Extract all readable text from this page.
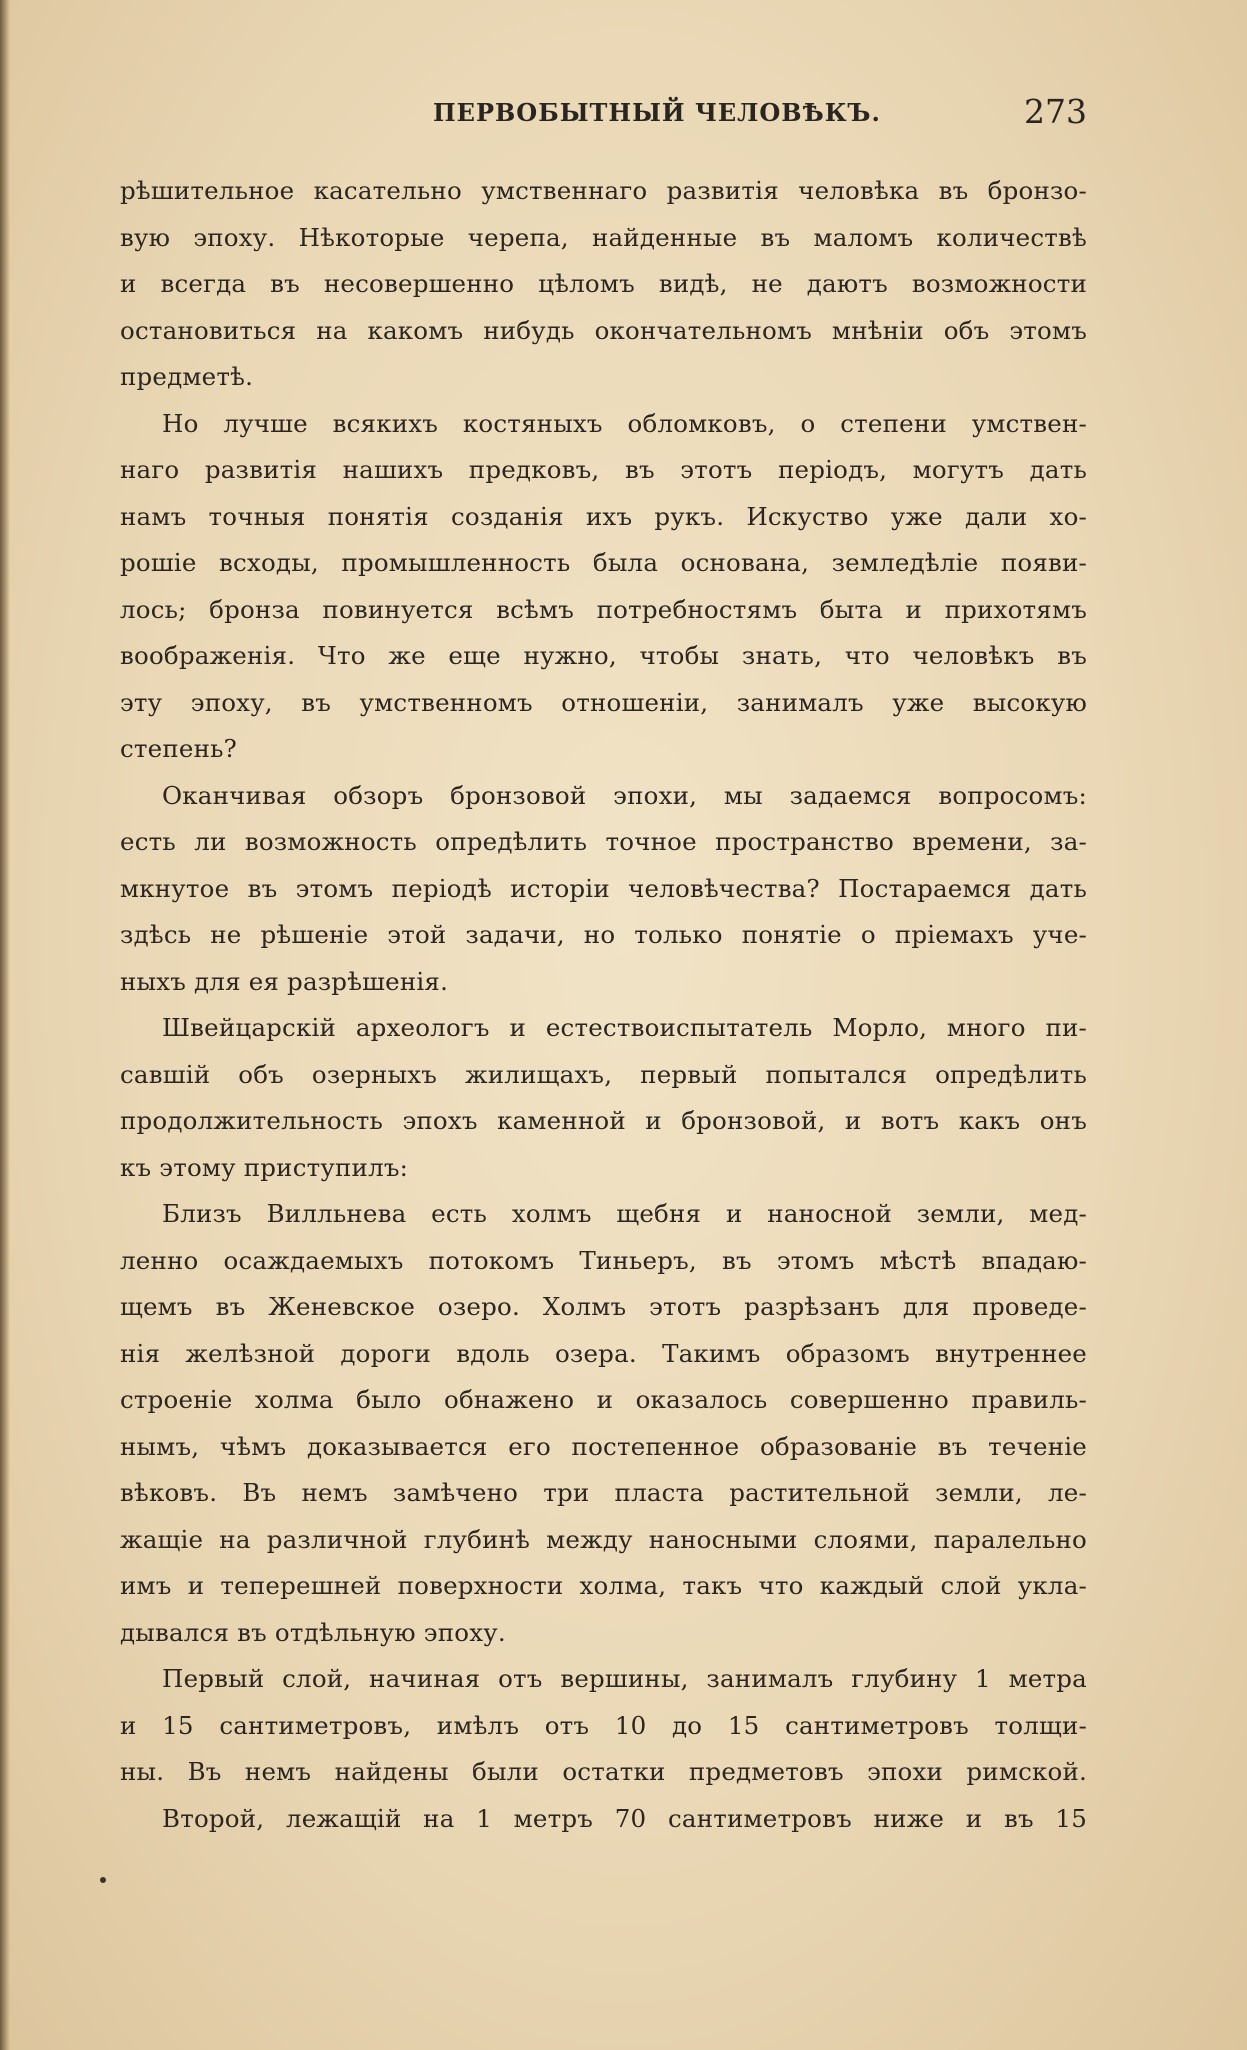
ПЕРВОБЫТНЫЙ ЧЕЛОВѢКЪ.	273
рѣшительное касательно умственнаго развитія человѣка въ бронзо-
вую эпоху. Нѣкоторые черепа, найденные въ маломъ количествѣ
и всегда въ несовершенно цѣломъ видѣ, не даютъ возможности
остановиться на какомъ нибудь окончательномъ мнѣніи объ этомъ
предметѣ.
Но лучше всякихъ костяныхъ обломковъ, о степени умствен-
наго развитія нашихъ предковъ, въ этотъ періодъ, могутъ дать
намъ точныя понятія созданія ихъ рукъ. Искуство уже дали хо-
рошіе всходы, промышленность была основана, земледѣліе появи-
лось; бронза повинуется всѣмъ потребностямъ быта и прихотямъ
воображенія. Что же еще нужно, чтобы знать, что человѣкъ въ
эту эпоху, въ умственномъ отношеніи, занималъ уже высокую
степень?
Оканчивая обзоръ бронзовой эпохи, мы задаемся вопросомъ:
есть ли возможность опредѣлить точное пространство времени, за-
мкнутое въ этомъ періодѣ исторіи человѣчества? Постараемся дать
здѣсь не рѣшеніе этой задачи, но только понятіе о пріемахъ уче-
ныхъ для ея разрѣшенія.
Швейцарскій археологъ и естествоиспытатель Морло, много пи-
савшій объ озерныхъ жилищахъ, первый попытался опредѣлить
продолжительность эпохъ каменной и бронзовой, и вотъ какъ онъ
къ этому приступилъ:
Близъ Вилльнева есть холмъ щебня и наносной земли, мед-
ленно осаждаемыхъ потокомъ Тиньеръ, въ этомъ мѣстѣ впадаю-
щемъ въ Женевское озеро. Холмъ этотъ разрѣзанъ для проведе-
нія желѣзной дороги вдоль озера. Такимъ образомъ внутреннее
строеніе холма было обнажено и оказалось совершенно правиль-
нымъ, чѣмъ доказывается его постепенное образованіе въ теченіе
вѣковъ. Въ немъ замѣчено три пласта растительной земли, ле-
жащіе на различной глубинѣ между наносными слоями, паралельно
имъ и теперешней поверхности холма, такъ что каждый слой укла-
дывался въ отдѣльную эпоху.
Первый слой, начиная отъ вершины, занималъ глубину 1 метра
и 15 сантиметровъ, имѣлъ отъ 10 до 15 сантиметровъ толщи-
ны. Въ немъ найдены были остатки предметовъ эпохи римской.
Второй, лежащій на 1 метръ 70 сантиметровъ ниже и въ 15
